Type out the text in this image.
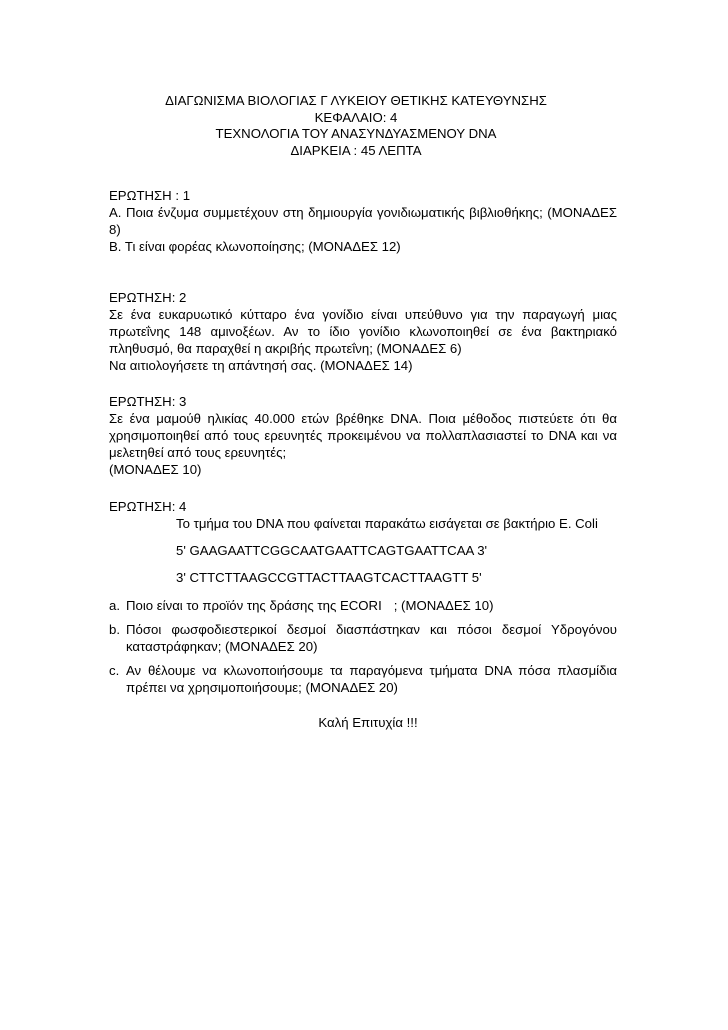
ΔΙΑΓΩΝΙΣΜΑ ΒΙΟΛΟΓΙΑΣ Γ ΛΥΚΕΙΟΥ ΘΕΤΙΚΗΣ ΚΑΤΕΥΘΥΝΣΗΣ
ΚΕΦΑΛΑΙΟ: 4
ΤΕΧΝΟΛΟΓΙΑ ΤΟΥ ΑΝΑΣΥΝΔΥΑΣΜΕΝΟΥ DNA
ΔΙΑΡΚΕΙΑ : 45 ΛΕΠΤΑ
ΕΡΩΤΗΣΗ : 1
Α. Ποια ένζυμα συμμετέχουν στη δημιουργία γονιδιωματικής βιβλιοθήκης; (ΜΟΝΑΔΕΣ 8)
Β. Τι είναι φορέας κλωνοποίησης; (ΜΟΝΑΔΕΣ 12)
ΕΡΩΤΗΣΗ: 2
Σε ένα ευκαρυωτικό κύτταρο ένα γονίδιο είναι υπεύθυνο για την παραγωγή μιας πρωτεΐνης 148 αμινοξέων. Αν το ίδιο γονίδιο κλωνοποιηθεί σε ένα βακτηριακό πληθυσμό, θα παραχθεί η ακριβής πρωτεΐνη; (ΜΟΝΑΔΕΣ 6)
Να αιτιολογήσετε τη απάντησή σας. (ΜΟΝΑΔΕΣ 14)
ΕΡΩΤΗΣΗ: 3
Σε ένα μαμούθ ηλικίας 40.000 ετών βρέθηκε DNA. Ποια μέθοδος πιστεύετε ότι θα χρησιμοποιηθεί από τους ερευνητές προκειμένου να πολλαπλασιαστεί το DNA και να μελετηθεί από τους ερευνητές;
(ΜΟΝΑΔΕΣ 10)
ΕΡΩΤΗΣΗ: 4
Το τμήμα του DNA που φαίνεται παρακάτω εισάγεται σε βακτήριο E. Coli
5' GAAGAATTCGGCAATGAATTCAGTGAATTCAA 3'
3' CTTCTTAAGCCGTTACTTAAGTCACTTAAGTT 5'
a. Ποιο είναι το προϊόν της δράσης της ECORI ; (ΜΟΝΑΔΕΣ 10)
b. Πόσοι φωσφοδιεστερικοί δεσμοί διασπάστηκαν και πόσοι δεσμοί Υδρογόνου καταστράφηκαν; (ΜΟΝΑΔΕΣ 20)
c. Αν θέλουμε να κλωνοποιήσουμε τα παραγόμενα τμήματα DNA πόσα πλασμίδια πρέπει να χρησιμοποιήσουμε; (ΜΟΝΑΔΕΣ 20)
Καλή Επιτυχία !!!
